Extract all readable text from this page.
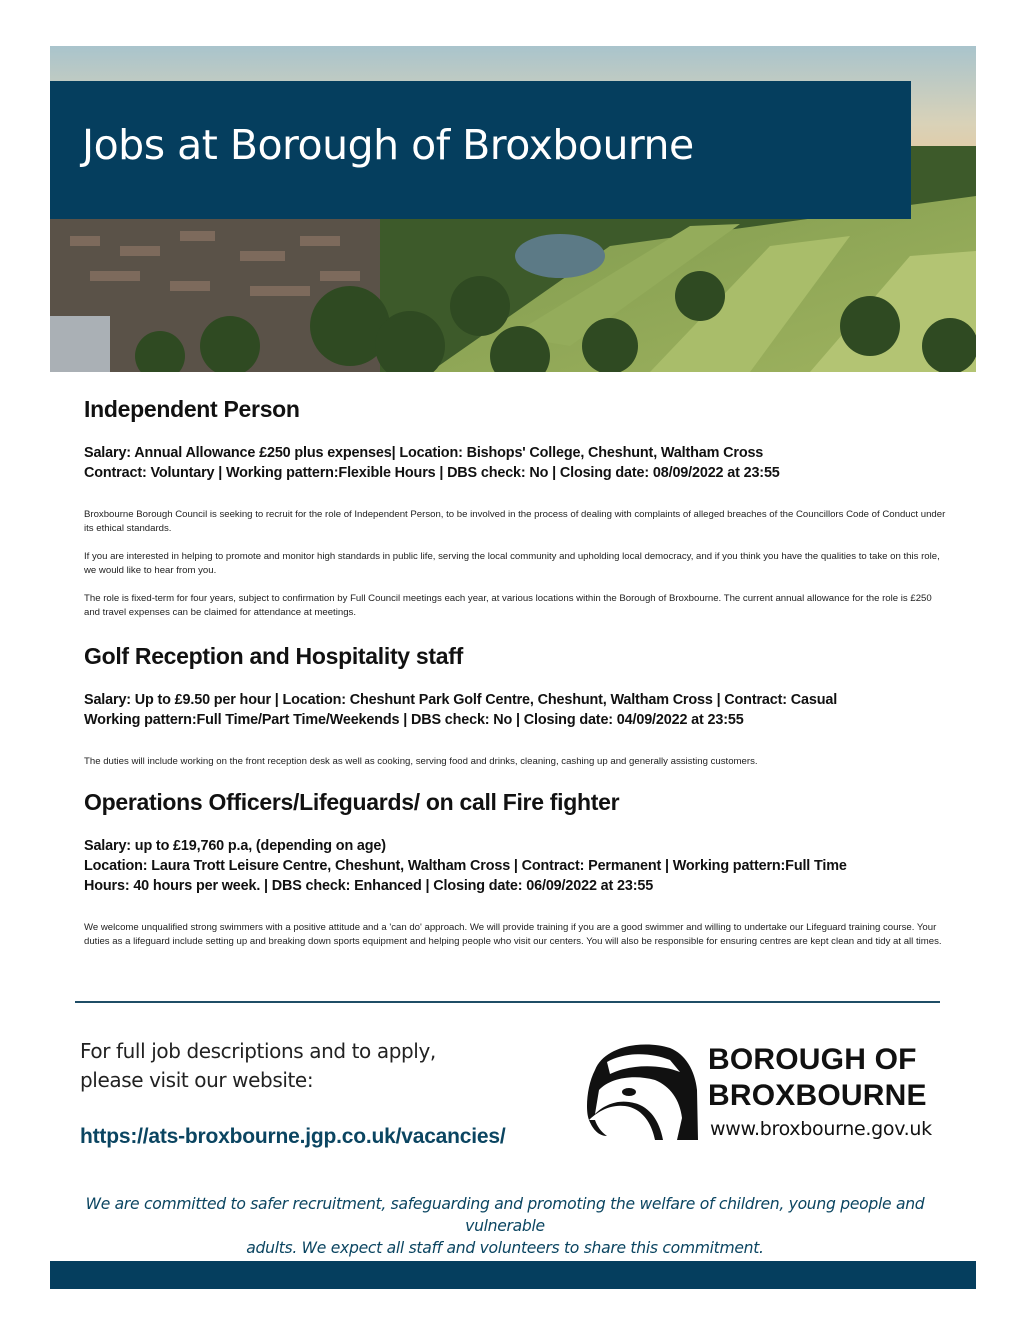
Jobs at Borough of Broxbourne
Independent Person
Salary: Annual Allowance £250 plus expenses| Location: Bishops' College, Cheshunt, Waltham Cross
Contract: Voluntary | Working pattern:Flexible Hours | DBS check: No | Closing date: 08/09/2022 at 23:55

Broxbourne Borough Council is seeking to recruit for the role of Independent Person, to be involved in the process of dealing with complaints of alleged breaches of the Councillors Code of Conduct under its ethical standards.

If you are interested in helping to promote and monitor high standards in public life, serving the local community and upholding local democracy, and if you think you have the qualities to take on this role, we would like to hear from you.

The role is fixed-term for four years, subject to confirmation by Full Council meetings each year, at various locations within the Borough of Broxbourne. The current annual allowance for the role is £250 and travel expenses can be claimed for attendance at meetings.

Golf Reception and Hospitality staff
Salary: Up to £9.50 per hour | Location: Cheshunt Park Golf Centre, Cheshunt, Waltham Cross | Contract: Casual
Working pattern:Full Time/Part Time/Weekends | DBS check: No | Closing date: 04/09/2022 at 23:55

The duties will include working on the front reception desk as well as cooking, serving food and drinks, cleaning, cashing up and generally assisting customers.

Operations Officers/Lifeguards/ on call Fire fighter
Salary: up to £19,760 p.a, (depending on age)
Location: Laura Trott Leisure Centre, Cheshunt, Waltham Cross | Contract: Permanent | Working pattern:Full Time
Hours: 40 hours per week. | DBS check: Enhanced | Closing date: 06/09/2022 at 23:55

We welcome unqualified strong swimmers with a positive attitude and a 'can do' approach. We will provide training if you are a good swimmer and willing to undertake our Lifeguard training course. Your duties as a lifeguard include setting up and breaking down sports equipment and helping people who visit our centers. You will also be responsible for ensuring centres are kept clean and tidy at all times.

For full job descriptions and to apply,
please visit our website:
https://ats-broxbourne.jgp.co.uk/vacancies/
BOROUGH OF
BROXBOURNE
www.broxbourne.gov.uk
We are committed to safer recruitment, safeguarding and promoting the welfare of children, young people and vulnerable
adults. We expect all staff and volunteers to share this commitment.
